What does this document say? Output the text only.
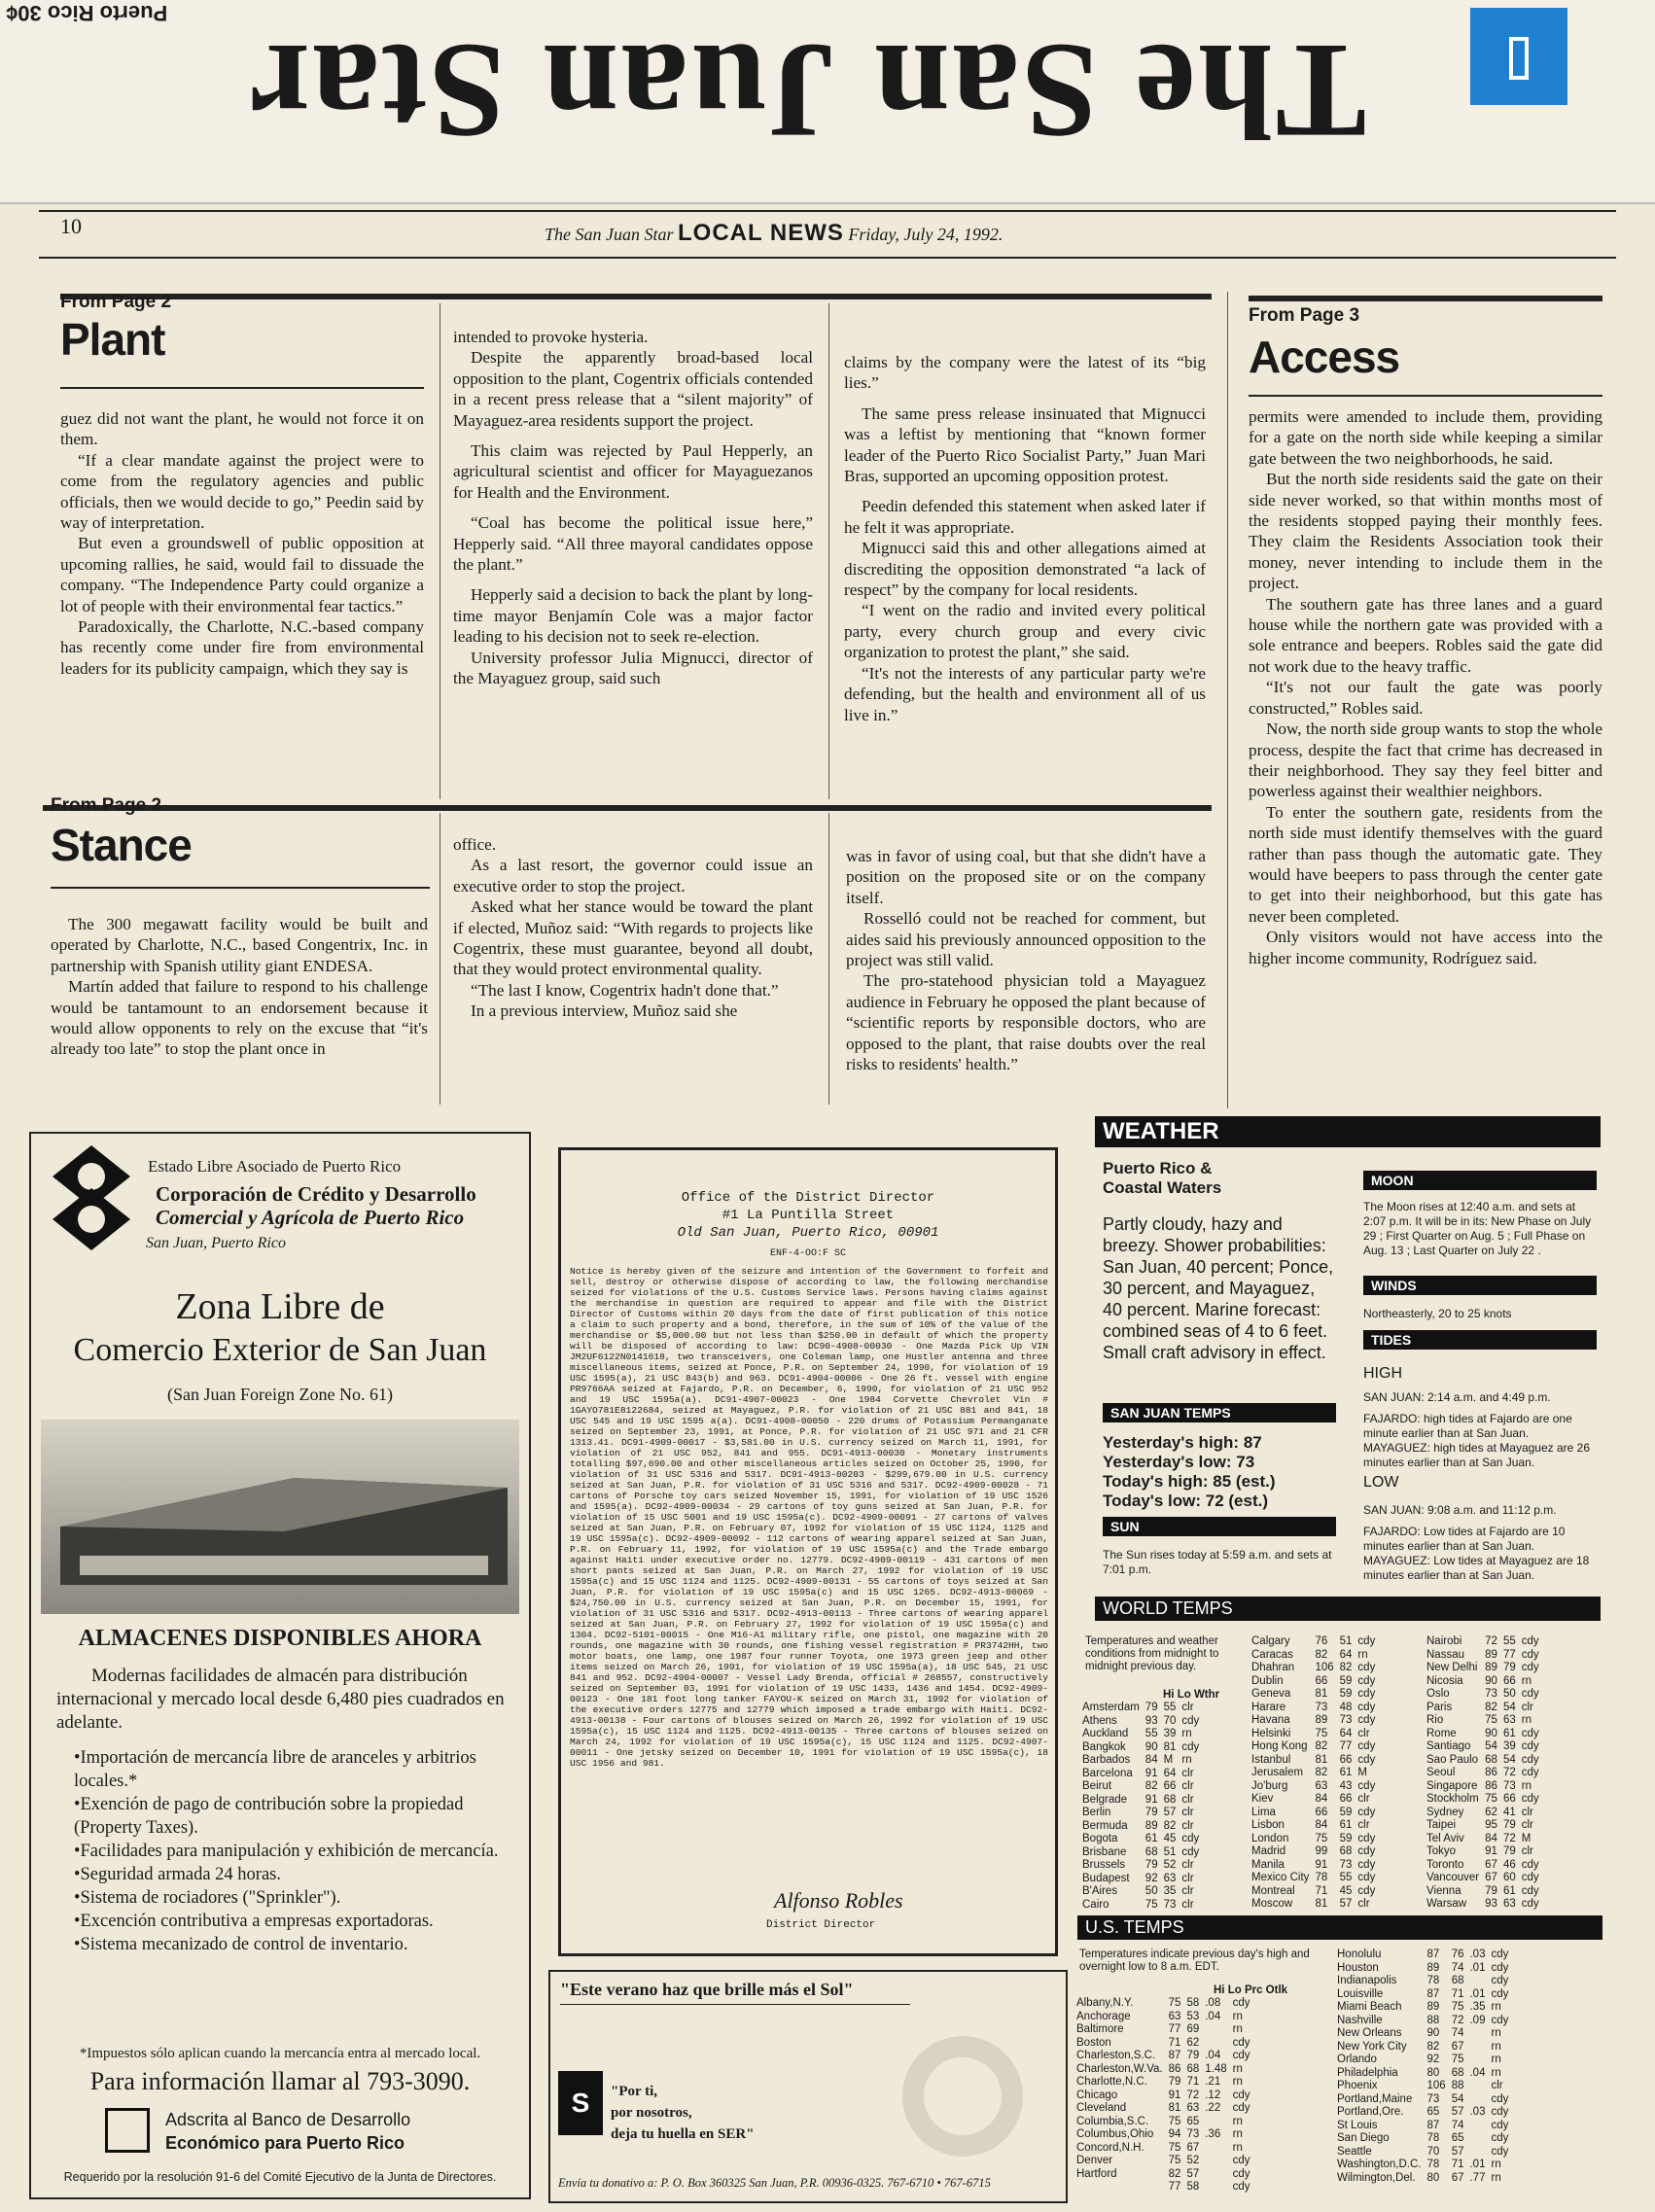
The San Juan Star
Puerto Rico 30¢
10	The San Juan Star LOCAL NEWS Friday, July 24, 1992.
From Page 2
Plant

guez did not want the plant, he would not force it on them.

“If a clear mandate against the project were to come from the regulatory agencies and public officials, then we would decide to go,” Peedin said by way of interpretation.

But even a groundswell of public opposition at upcoming rallies, he said, would fail to dissuade the company. “The Independence Party could organize a lot of people with their environmental fear tactics.”

Paradoxically, the Charlotte, N.C.-based company has recently come under fire from environmental leaders for its publicity campaign, which they say is

intended to provoke hysteria.

Despite the apparently broad-based local opposition to the plant, Cogentrix officials contended in a recent press release that a “silent majority” of Mayaguez-area residents support the project.

This claim was rejected by Paul Hepperly, an agricultural scientist and officer for Mayaguezanos for Health and the Environment.

“Coal has become the political issue here,” Hepperly said. “All three mayoral candidates oppose the plant.”

Hepperly said a decision to back the plant by long-time mayor Benjamín Cole was a major factor leading to his decision not to seek re-election.

University professor Julia Mignucci, director of the Mayaguez group, said such

claims by the company were the latest of its “big lies.”

The same press release insinuated that Mignucci was a leftist by mentioning that “known former leader of the Puerto Rico Socialist Party,” Juan Mari Bras, supported an upcoming opposition protest.

Peedin defended this statement when asked later if he felt it was appropriate.

Mignucci said this and other allegations aimed at discrediting the opposition demonstrated “a lack of respect” by the company for local residents.

“I went on the radio and invited every political party, every church group and every civic organization to protest the plant,” she said.

“It's not the interests of any particular party we're defending, but the health and environment all of us live in.”

From Page 2
Stance

The 300 megawatt facility would be built and operated by Charlotte, N.C., based Congentrix, Inc. in partnership with Spanish utility giant ENDESA.

Martín added that failure to respond to his challenge would be tantamount to an endorsement because it would allow opponents to rely on the excuse that “it's already too late” to stop the plant once in

office.

As a last resort, the governor could issue an executive order to stop the project.

Asked what her stance would be toward the plant if elected, Muñoz said: “With regards to projects like Cogentrix, these must guarantee, beyond all doubt, that they would protect environmental quality.

“The last I know, Cogentrix hadn't done that.”

In a previous interview, Muñoz said she

was in favor of using coal, but that she didn't have a position on the proposed site or on the company itself.

Rosselló could not be reached for comment, but aides said his previously announced opposition to the project was still valid.

The pro-statehood physician told a Mayaguez audience in February he opposed the plant because of “scientific reports by responsible doctors, who are opposed to the plant, that raise doubts over the real risks to residents' health.”

From Page 3
Access

permits were amended to include them, providing for a gate on the north side while keeping a similar gate between the two neighborhoods, he said.

But the north side residents said the gate on their side never worked, so that within months most of the residents stopped paying their monthly fees. They claim the Residents Association took their money, never intending to include them in the project.

The southern gate has three lanes and a guard house while the northern gate was provided with a sole entrance and beepers. Robles said the gate did not work due to the heavy traffic.

“It's not our fault the gate was poorly constructed,” Robles said.

Now, the north side group wants to stop the whole process, despite the fact that crime has decreased in their neighborhood. They say they feel bitter and powerless against their wealthier neighbors.

To enter the southern gate, residents from the north side must identify themselves with the guard rather than pass though the automatic gate. They would have beepers to pass through the center gate to get into their neighborhood, but this gate has never been completed.

Only visitors would not have access into the higher income community, Rodríguez said.

Estado Libre Asociado de Puerto Rico
Corporación de Crédito y Desarrollo
Comercial y Agrícola de Puerto Rico
San Juan, Puerto Rico
Zona Libre de
Comercio Exterior de San Juan
(San Juan Foreign Zone No. 61)
ALMACENES DISPONIBLES AHORA
Modernas facilidades de almacén para distribución internacional y mercado local desde 6,480 pies cuadrados en adelante.
•Importación de mercancía libre de aranceles y arbitrios locales.*
•Exención de pago de contribución sobre la propiedad (Property Taxes).
•Facilidades para manipulación y exhibición de mercancía.
•Seguridad armada 24 horas.
•Sistema de rociadores ("Sprinkler").
•Excención contributiva a empresas exportadoras.
•Sistema mecanizado de control de inventario.
*Impuestos sólo aplican cuando la mercancía entra al mercado local.
Para información llamar al 793-3090.
Adscrita al Banco de Desarrollo
Económico para Puerto Rico
Requerido por la resolución 91-6 del Comité Ejecutivo de la Junta de Directores.
Office of the District Director
#1 La Puntilla Street
Old San Juan, Puerto Rico, 00901
ENF-4-OO:F SC
Notice is hereby given of the seizure and intention of the Government to forfeit and sell, destroy or otherwise dispose of according to law, the following merchandise seized for violations of the U.S. Customs Service laws. Persons having claims against the merchandise in question are required to appear and file with the District Director of Customs within 20 days from the date of first publication of this notice a claim to such property and a bond, therefore, in the sum of 10% of the value of the merchandise or $5,000.00 but not less than $250.00 in default of which the property will be disposed of according to law: DC90-4908-00030 - One Mazda Pick Up VIN JM2UF6122N0141618, two transceivers, one Coleman lamp, one Hustler antenna and three miscellaneous items, seized at Ponce, P.R. on September 24, 1990, for violation of 19 USC 1595(a), 21 USC 843(b) and 963. DC91-4904-00006 - One 26 ft. vessel with engine PR9766AA seized at Fajardo, P.R. on December, 6, 1990, for violation of 21 USC 952 and 19 USC 1595a(a). DC91-4907-00023 - One 1984 Corvette Chevrolet Vin # 1GAYO781E8122684, seized at Mayaguez, P.R. for violation of 21 USC 881 and 841, 18 USC 545 and 19 USC 1595 a(a). DC91-4908-00050 - 220 drums of Potassium Permanganate seized on September 23, 1991, at Ponce, P.R. for violation of 21 USC 971 and 21 CFR 1313.41. DC91-4909-00017 - $3,581.00 in U.S. currency seized on March 11, 1991, for violation of 21 USC 952, 841 and 955. DC91-4913-00030 - Monetary instruments totalling $97,690.00 and other miscellaneous articles seized on October 25, 1990, for violation of 31 USC 5316 and 5317. DC91-4913-00203 - $299,679.00 in U.S. currency seized at San Juan, P.R. for violation of 31 USC 5316 and 5317. DC92-4909-00028 - 71 cartons of Porsche toy cars seized November 15, 1991, for violation of 19 USC 1526 and 1595(a). DC92-4909-00034 - 29 cartons of toy guns seized at San Juan, P.R. for violation of 15 USC 5001 and 19 USC 1595a(c). DC92-4909-00091 - 27 cartons of valves seized at San Juan, P.R. on February 07, 1992 for violation of 15 USC 1124, 1125 and 19 USC 1595a(c). DC92-4909-00092 - 112 cartons of wearing apparel seized at San Juan, P.R. on February 11, 1992, for violation of 19 USC 1595a(c) and the Trade embargo against Haiti under executive order no. 12779. DC92-4909-00119 - 431 cartons of men short pants seized at San Juan, P.R. on March 27, 1992 for violation of 19 USC 1595a(c) and 15 USC 1124 and 1125. DC92-4909-00131 - 55 cartons of toys seized at San Juan, P.R. for violation of 19 USC 1595a(c) and 15 USC 1265. DC92-4913-00069 - $24,750.00 in U.S. currency seized at San Juan, P.R. on December 15, 1991, for violation of 31 USC 5316 and 5317. DC92-4913-00113 - Three cartons of wearing apparel seized at San Juan, P.R. on February 27, 1992 for violation of 19 USC 1595a(c) and 1304. DC92-5101-00015 - One M16-A1 military rifle, one pistol, one magazine with 20 rounds, one magazine with 30 rounds, one fishing vessel registration # PR3742HH, two motor boats, one lamp, one 1987 four runner Toyota, one 1973 green jeep and other items seized on March 26, 1991, for violation of 19 USC 1595a(a), 18 USC 545, 21 USC 841 and 952. DC92-4904-00007 - Vessel Lady Brenda, official # 268557, constructively seized on September 03, 1991 for violation of 19 USC 1433, 1436 and 1454. DC92-4909-00123 - One 181 foot long tanker FAYOU-K seized on March 31, 1992 for violation of the executive orders 12775 and 12779 which imposed a trade embargo with Haiti. DC92-4913-00138 - Four cartons of blouses seized on March 26, 1992 for violation of 19 USC 1595a(c), 15 USC 1124 and 1125. DC92-4913-00135 - Three cartons of blouses seized on March 24, 1992 for violation of 19 USC 1595a(c), 15 USC 1124 and 1125. DC92-4907-00011 - One jetsky seized on December 10, 1991 for violation of 19 USC 1595a(c), 18 USC 1956 and 981.
Alfonso Robles
District Director
"Este verano haz que brille más el Sol"
S	"Por ti,
por nosotros,
deja tu huella en SER"
Envía tu donativo a: P. O. Box 360325 San Juan, P.R. 00936-0325. 767-6710 • 767-6715
WEATHER
Puerto Rico &
Coastal Waters
Partly cloudy, hazy and breezy. Shower probabilities: San Juan, 40 percent; Ponce, 30 percent, and Mayaguez, 40 percent. Marine forecast: combined seas of 4 to 6 feet. Small craft advisory in effect.
SAN JUAN TEMPS
Yesterday's high: 87
Yesterday's low: 73
Today's high: 85 (est.)
Today's low: 72 (est.)
SUN
The Sun rises today at 5:59 a.m. and sets at 7:01 p.m.
MOON
The Moon rises at 12:40 a.m. and sets at 2:07 p.m. It will be in its: New Phase on July 29 ; First Quarter on Aug. 5 ; Full Phase on Aug. 13 ; Last Quarter on July 22 .
WINDS
Northeasterly, 20 to 25 knots
TIDES
HIGH
SAN JUAN: 2:14 a.m. and 4:49 p.m.
FAJARDO: high tides at Fajardo are one minute earlier than at San Juan. MAYAGUEZ: high tides at Mayaguez are 26 minutes earlier than at San Juan.
LOW
SAN JUAN: 9:08 a.m. and 11:12 p.m.
FAJARDO: Low tides at Fajardo are 10 minutes earlier than at San Juan. MAYAGUEZ: Low tides at Mayaguez are 18 minutes earlier than at San Juan.
WORLD TEMPS
Temperatures and weather conditions from midnight to midnight previous day.
Hi Lo Wthr
Amsterdam	79	55	clr
Athens	93	70	cdy
Auckland	55	39	rn
Bangkok	90	81	cdy
Barbados	84	M	rn
Barcelona	91	64	clr
Beirut	82	66	clr
Belgrade	91	68	clr
Berlin	79	57	clr
Bermuda	89	82	clr
Bogota	61	45	cdy
Brisbane	68	51	cdy
Brussels	79	52	clr
Budapest	92	63	clr
B'Aires	50	35	clr
Cairo	75	73	clr
Calgary	76	51	cdy
Caracas	82	64	rn
Dhahran	106	82	cdy
Dublin	66	59	cdy
Geneva	81	59	cdy
Harare	73	48	cdy
Havana	89	73	cdy
Helsinki	75	64	clr
Hong Kong	82	77	cdy
Istanbul	81	66	cdy
Jerusalem	82	61	M
Jo'burg	63	43	cdy
Kiev	84	66	clr
Lima	66	59	cdy
Lisbon	84	61	clr
London	75	59	cdy
Madrid	99	68	cdy
Manila	91	73	cdy
Mexico City	78	55	cdy
Montreal	71	45	cdy
Moscow	81	57	clr
Nairobi	72	55	cdy
Nassau	89	77	cdy
New Delhi	89	79	cdy
Nicosia	90	66	rn
Oslo	73	50	cdy
Paris	82	54	clr
Rio	75	63	rn
Rome	90	61	cdy
Santiago	54	39	cdy
Sao Paulo	68	54	cdy
Seoul	86	72	cdy
Singapore	86	73	rn
Stockholm	75	66	cdy
Sydney	62	41	clr
Taipei	95	79	clr
Tel Aviv	84	72	M
Tokyo	91	79	clr
Toronto	67	46	cdy
Vancouver	67	60	cdy
Vienna	79	61	cdy
Warsaw	93	63	cdy
U.S. TEMPS
Temperatures indicate previous day's high and overnight low to 8 a.m. EDT.
Hi Lo Prc Otlk
Albany,N.Y.	75	58	.08	cdy
Anchorage	63	53	.04	rn
Baltimore	77	69		rn
Boston	71	62		cdy
Charleston,S.C.	87	79	.04	cdy
Charleston,W.Va.	86	68	1.48	rn
Charlotte,N.C.	79	71	.21	rn
Chicago	91	72	.12	cdy
Cleveland	81	63	.22	cdy
Columbia,S.C.	75	65		rn
Columbus,Ohio	94	73	.36	rn
Concord,N.H.	75	67		rn
Denver	75	52		cdy
Hartford	82	57		cdy
	77	58		cdy
Honolulu	87	76	.03	cdy
Houston	89	74	.01	cdy
Indianapolis	78	68		cdy
Louisville	87	71	.01	cdy
Miami Beach	89	75	.35	rn
Nashville	88	72	.09	cdy
New Orleans	90	74		rn
New York City	82	67		rn
Orlando	92	75		rn
Philadelphia	80	68	.04	rn
Phoenix	106	88		clr
Portland,Maine	73	54		cdy
Portland,Ore.	65	57	.03	cdy
St Louis	87	74		cdy
San Diego	78	65		cdy
Seattle	70	57		cdy
Washington,D.C.	78	71	.01	rn
Wilmington,Del.	80	67	.77	rn
